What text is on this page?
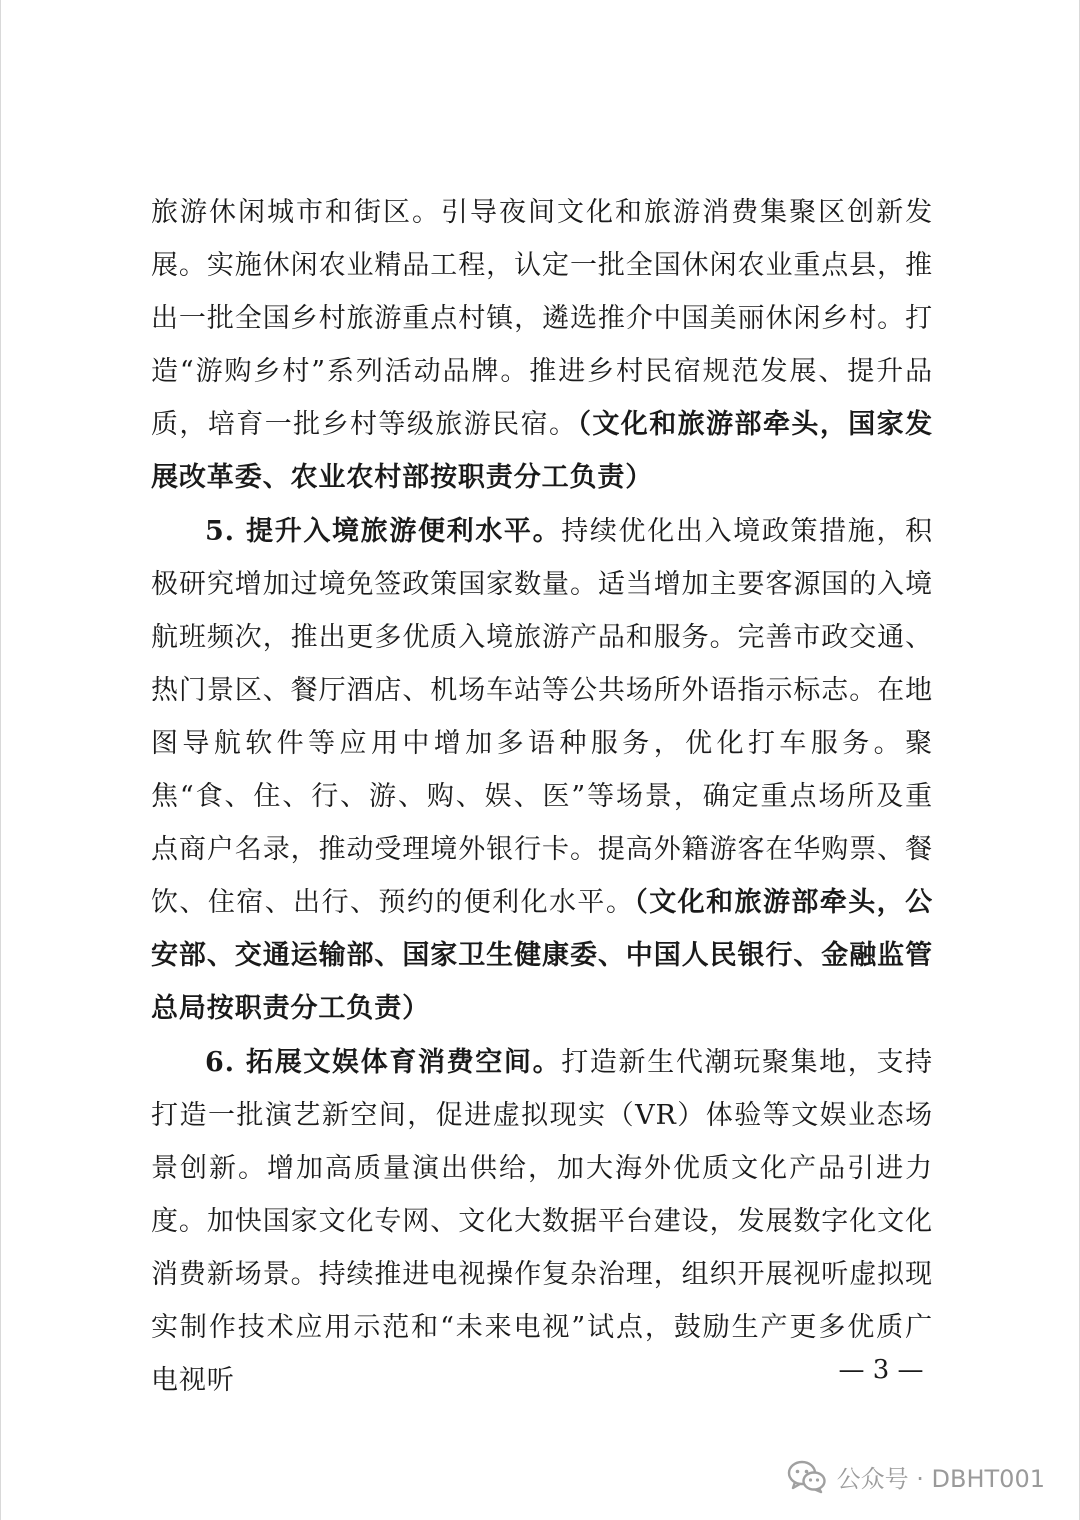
旅游休闲城市和街区。引导夜间文化和旅游消费集聚区创新发展。实施休闲农业精品工程，认定一批全国休闲农业重点县，推出一批全国乡村旅游重点村镇，遴选推介中国美丽休闲乡村。打造“游购乡村”系列活动品牌。推进乡村民宿规范发展、提升品质，培育一批乡村等级旅游民宿。（文化和旅游部牵头，国家发展改革委、农业农村部按职责分工负责）

5. 提升入境旅游便利水平。持续优化出入境政策措施，积极研究增加过境免签政策国家数量。适当增加主要客源国的入境航班频次，推出更多优质入境旅游产品和服务。完善市政交通、热门景区、餐厅酒店、机场车站等公共场所外语指示标志。在地图导航软件等应用中增加多语种服务，优化打车服务。聚焦“食、住、行、游、购、娱、医”等场景，确定重点场所及重点商户名录，推动受理境外银行卡。提高外籍游客在华购票、餐饮、住宿、出行、预约的便利化水平。（文化和旅游部牵头，公安部、交通运输部、国家卫生健康委、中国人民银行、金融监管总局按职责分工负责）

6. 拓展文娱体育消费空间。打造新生代潮玩聚集地，支持打造一批演艺新空间，促进虚拟现实（VR）体验等文娱业态场景创新。增加高质量演出供给，加大海外优质文化产品引进力度。加快国家文化专网、文化大数据平台建设，发展数字化文化消费新场景。持续推进电视操作复杂治理，组织开展视听虚拟现实制作技术应用示范和“未来电视”试点，鼓励生产更多优质广电视听	— 3 —
公众号 · DBHT001
